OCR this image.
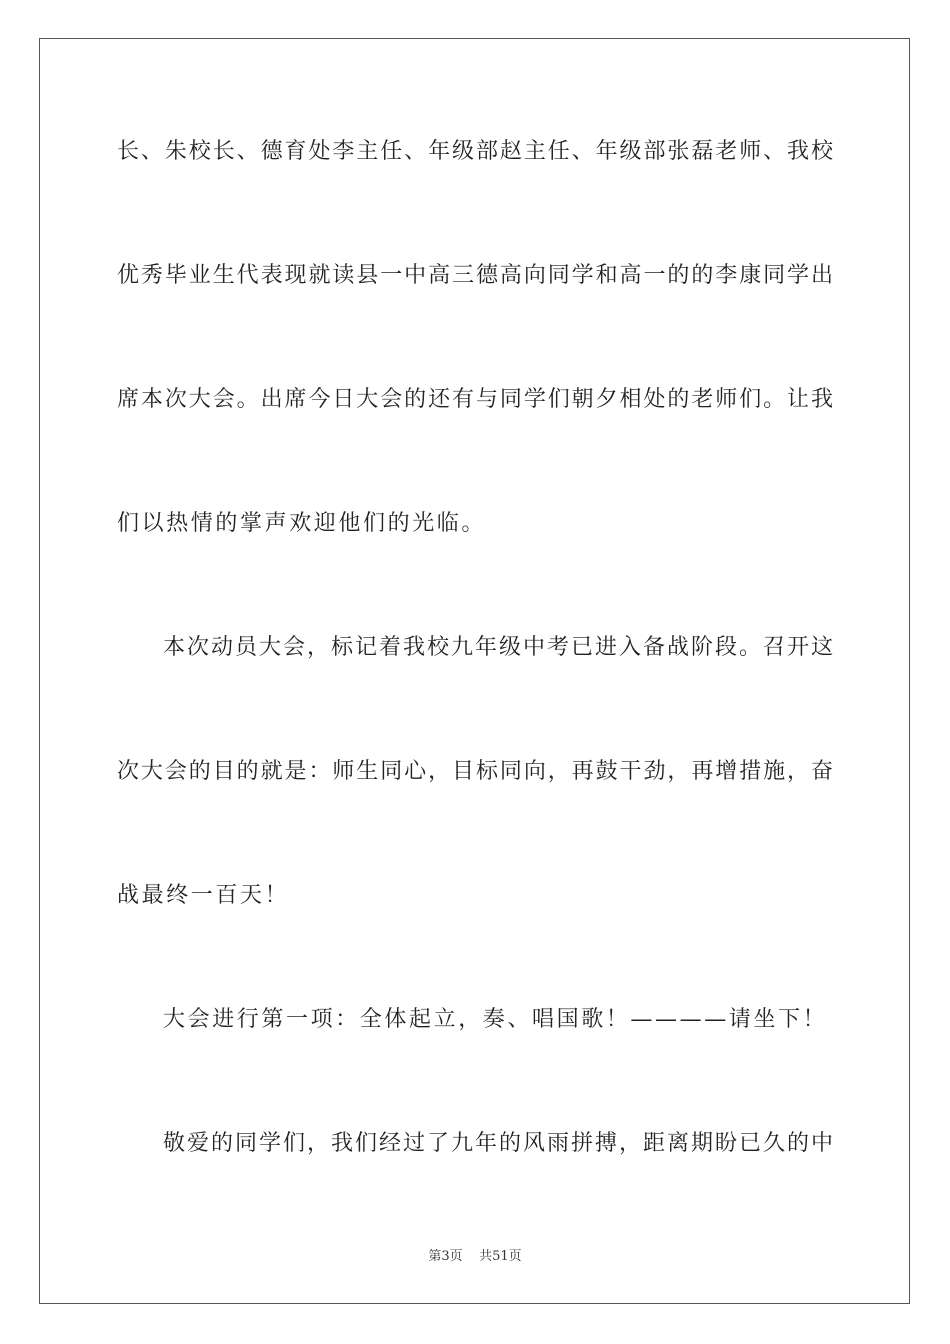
长、朱校长、德育处李主任、年级部赵主任、年级部张磊老师、我校
优秀毕业生代表现就读县一中高三德高向同学和高一的的李康同学出
席本次大会。出席今日大会的还有与同学们朝夕相处的老师们。让我
们以热情的掌声欢迎他们的光临。
本次动员大会，标记着我校九年级中考已进入备战阶段。召开这
次大会的目的就是：师生同心，目标同向，再鼓干劲，再增措施，奋
战最终一百天！
大会进行第一项：全体起立，奏、唱国歌！————请坐下！
敬爱的同学们，我们经过了九年的风雨拼搏，距离期盼已久的中
第3页 共51页
